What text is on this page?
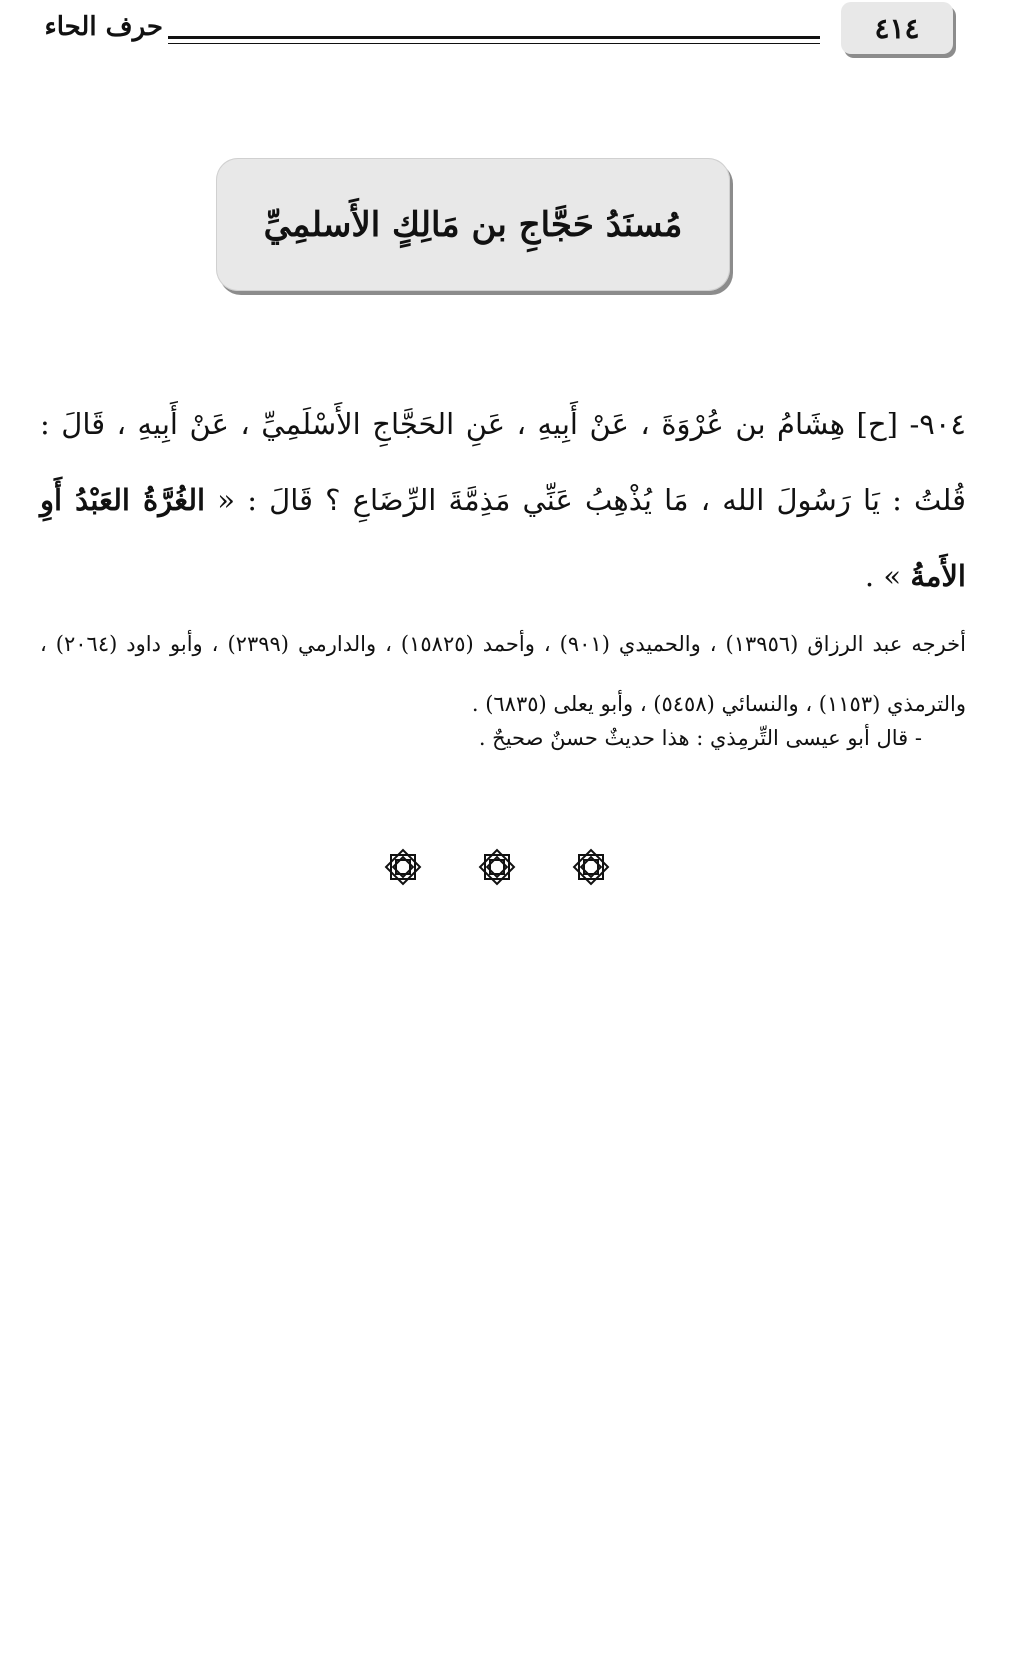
٤١٤
حرف الحاء
مُسنَدُ حَجَّاجِ بن مَالِكٍ الأَسلمِيِّ
٩٠٤- [ح] هِشَامُ بن عُرْوَةَ ، عَنْ أَبِيهِ ، عَنِ الحَجَّاجِ الأَسْلَمِيِّ ، عَنْ أَبِيهِ ، قَالَ : قُلتُ : يَا رَسُولَ الله ، مَا يُذْهِبُ عَنِّي مَذِمَّةَ الرِّضَاعِ ؟ قَالَ : « الغُرَّةُ العَبْدُ أَوِ الأَمةُ » .
أخرجه عبد الرزاق (١٣٩٥٦) ، والحميدي (٩٠١) ، وأحمد (١٥٨٢٥) ، والدارمي (٢٣٩٩) ، وأبو داود (٢٠٦٤) ، والترمذي (١١٥٣) ، والنسائي (٥٤٥٨) ، وأبو يعلى (٦٨٣٥) .
- قال أبو عيسى التِّرمِذي : هذا حديثٌ حسنٌ صحيحٌ .
